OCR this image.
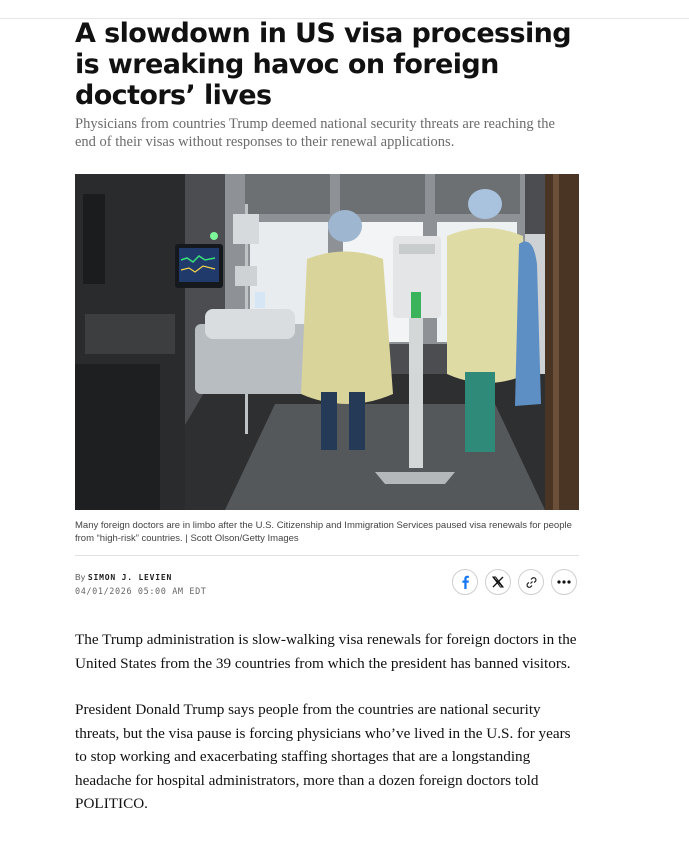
A slowdown in US visa processing is wreaking havoc on foreign doctors’ lives

Physicians from countries Trump deemed national security threats are reaching the end of their visas without responses to their renewal applications.

Many foreign doctors are in limbo after the U.S. Citizenship and Immigration Services paused visa renewals for people from “high-risk” countries. | Scott Olson/Getty Images
By SIMON J. LEVIEN
04/01/2026 05:00 AM EDT

The Trump administration is slow-walking visa renewals for foreign doctors in the United States from the 39 countries from which the president has banned visitors.

President Donald Trump says people from the countries are national security threats, but the visa pause is forcing physicians who’ve lived in the U.S. for years to stop working and exacerbating staffing shortages that are a longstanding headache for hospital administrators, more than a dozen foreign doctors told POLITICO.
